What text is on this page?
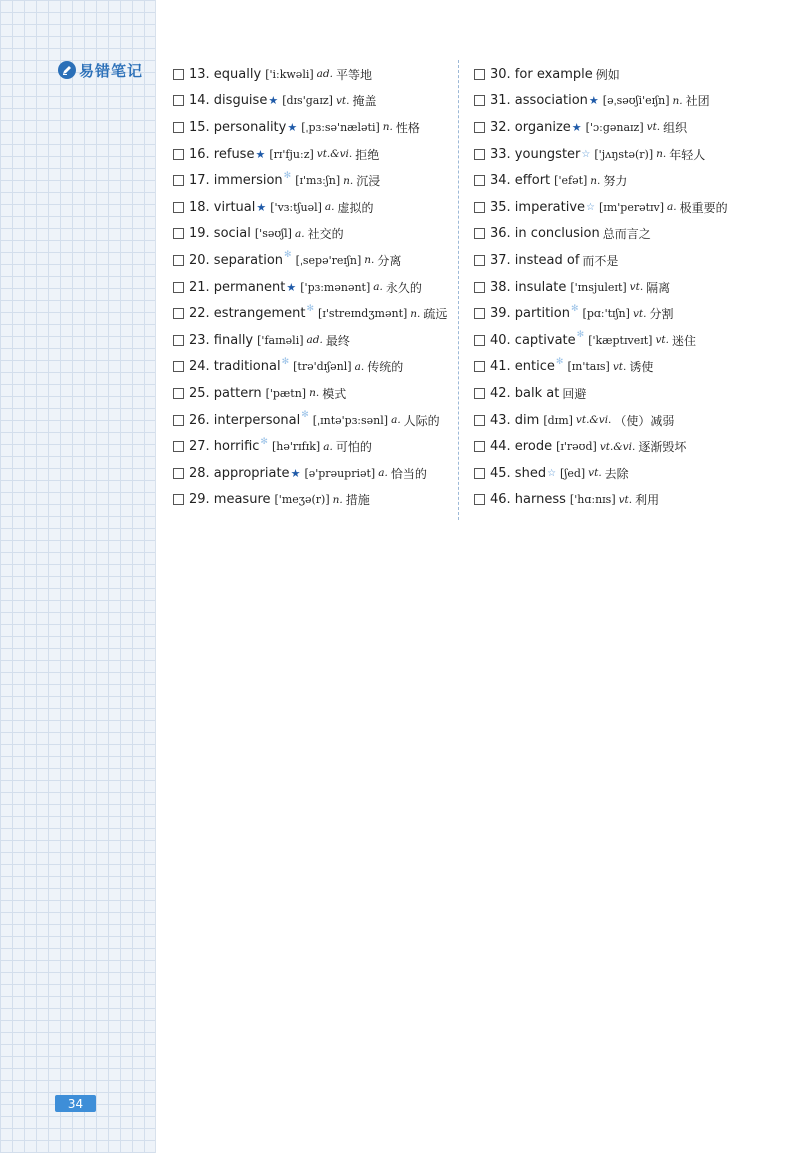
易错笔记	13. equally ['iːkwəli] ad. 平等地
14. disguise ★ [dɪs'gaɪz] vt. 掩盖
15. personality ★ [ˌpɜːsə'næləti] n. 性格
16. refuse ★ [rɪ'fjuːz] vt.&vi. 拒绝
17. immersion ✻ [ɪ'mɜːʃn] n. 沉浸
18. virtual ★ ['vɜːtʃuəl] a. 虚拟的
19. social ['səʊʃl] a. 社交的
20. separation ✻ [ˌsepə'reɪʃn] n. 分离
21. permanent ★ ['pɜːmənənt] a. 永久的
22. estrangement ✻ [ɪ'streɪndʒmənt] n. 疏远
23. finally ['faɪnəli] ad. 最终
24. traditional ✻ [trə'dɪʃənl] a. 传统的
25. pattern ['pætn] n. 模式
26. interpersonal ✻ [ˌɪntə'pɜːsənl] a. 人际的
27. horrific ✻ [hə'rɪfɪk] a. 可怕的
28. appropriate ★ [ə'prəupriət] a. 恰当的
29. measure ['meʒə(r)] n. 措施
30. for example 例如
31. association ★ [əˌsəʊʃi'eɪʃn] n. 社团
32. organize ★ ['ɔːgənaɪz] vt. 组织
33. youngster ☆ ['jʌŋstə(r)] n. 年轻人
34. effort ['efət] n. 努力
35. imperative ☆ [ɪm'perətɪv] a. 极重要的
36. in conclusion 总而言之
37. instead of 而不是
38. insulate ['ɪnsjuleɪt] vt. 隔离
39. partition ✻ [pɑː'tɪʃn] vt. 分割
40. captivate ✻ ['kæptɪveɪt] vt. 迷住
41. entice ✻ [ɪn'taɪs] vt. 诱使
42. balk at 回避
43. dim [dɪm] vt.&vi. （使）减弱
44. erode [ɪ'rəʊd] vt.&vi. 逐渐毁坏
45. shed ☆ [ʃed] vt. 去除
46. harness ['hɑːnɪs] vt. 利用
34
